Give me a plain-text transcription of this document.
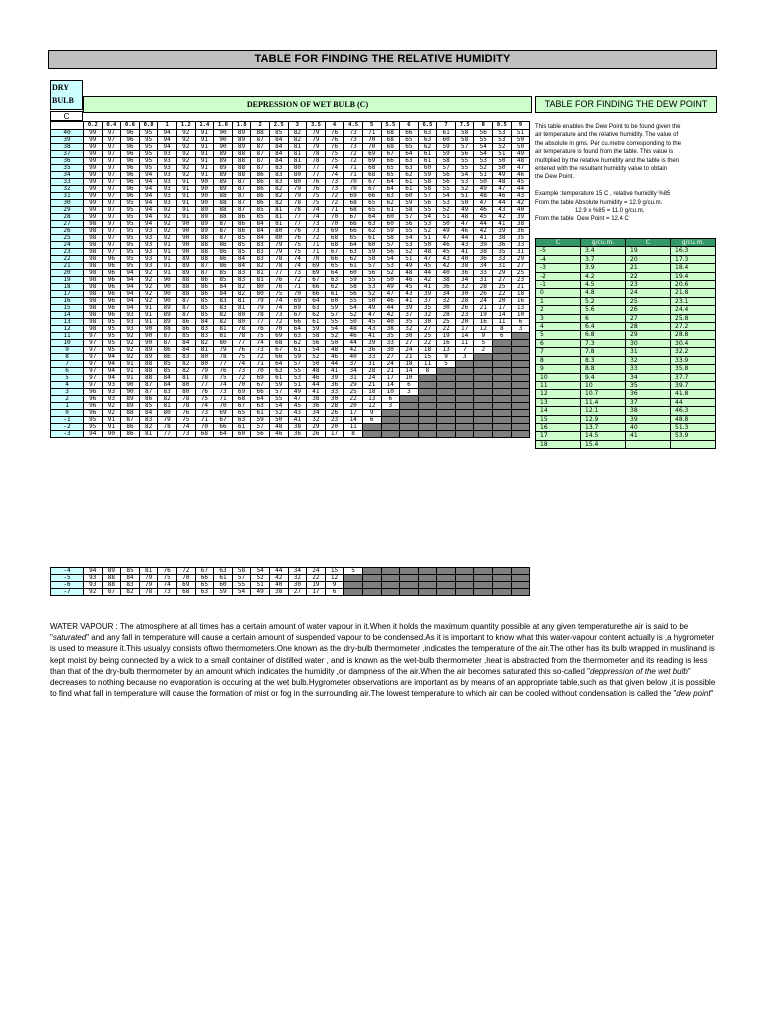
TABLE FOR FINDING THE RELATIVE HUMIDITY
DRY
BULB	DEPRESSION OF WET BULB (C)	TABLE FOR FINDING THE DEW POINT
C
	0.2	0.4	0.6	0.8	1	1.2	1.4	1.6	1.8	2	2.5	3	3.5	4	4.5	5	5.5	6	6.5	7	7.5	8	8.5	9
40	99	97	96	95	94	92	91	90	89	88	85	82	79	76	73	71	68	66	63	61	58	56	53	51
39	99	97	96	95	94	92	91	90	89	87	84	82	79	76	73	70	68	65	63	60	58	55	53	50
38	99	97	96	95	94	92	91	90	89	87	84	81	79	76	73	70	68	65	62	59	57	54	52	50
37	99	97	96	95	93	92	91	89	88	87	84	81	78	75	72	69	67	64	61	59	56	54	51	49
36	99	97	96	95	93	92	91	89	88	87	84	81	78	75	72	69	66	63	61	58	55	53	50	48
35	99	97	96	95	93	92	91	89	88	87	83	80	77	74	71	68	65	63	60	57	55	52	50	47
34	99	97	96	94	93	92	91	89	88	86	83	80	77	74	71	68	65	62	59	56	54	51	49	46
33	99	97	96	94	93	91	90	89	87	86	83	80	76	73	70	67	64	61	58	56	53	50	48	45
32	99	97	96	94	93	91	90	89	87	86	82	79	76	73	70	67	64	61	58	55	52	49	47	44
31	99	97	96	94	93	91	90	88	87	86	82	79	75	72	69	66	63	60	57	54	51	48	46	43
30	99	97	95	94	93	91	90	88	87	86	82	78	75	72	68	65	62	59	56	53	50	47	44	42
29	99	97	95	94	92	91	89	88	87	85	81	78	74	71	68	65	61	58	55	52	49	46	43	40
28	99	97	95	94	92	91	89	88	86	85	81	77	74	70	67	64	60	57	54	51	48	45	42	39
27	98	97	95	94	92	90	89	87	86	84	81	77	73	70	66	63	60	56	53	50	47	44	41	38
26	98	97	95	93	92	90	89	87	86	84	80	76	73	69	66	62	59	55	52	49	46	42	39	36
25	98	97	95	93	92	90	88	87	85	84	80	76	72	68	65	61	58	54	51	47	44	41	38	35
24	98	97	95	93	91	90	88	86	85	83	79	75	71	68	64	60	57	53	50	46	43	39	36	33
23	98	97	95	93	91	90	88	86	85	83	79	75	71	67	63	59	56	52	48	45	41	38	35	31
22	98	96	95	93	91	89	88	86	84	83	78	74	70	66	62	58	54	51	47	43	40	36	33	29
21	98	96	95	93	91	89	87	86	84	82	78	74	69	65	61	57	53	49	45	42	38	34	31	27
20	98	96	94	92	91	89	87	85	83	81	77	73	69	64	60	56	52	48	44	40	36	33	29	25
19	98	96	94	92	90	88	86	85	83	81	76	72	67	63	59	55	50	46	42	38	34	31	27	23
18	98	96	94	92	90	88	86	84	82	80	76	71	66	62	58	53	49	45	41	36	32	28	25	21
17	98	96	94	92	90	88	86	84	82	80	75	70	66	61	56	52	47	43	39	34	30	26	22	18
16	98	96	94	92	90	87	85	83	81	79	74	69	64	60	55	50	46	41	37	32	28	24	20	16
15	98	96	94	91	89	87	85	83	81	79	74	69	63	59	54	49	44	39	35	30	26	21	17	13
14	98	96	93	91	89	87	85	82	80	78	73	67	62	57	52	47	42	37	32	28	23	19	14	10
13	98	95	93	91	89	86	84	82	80	77	72	66	61	55	50	45	40	35	30	25	20	16	11	6
12	98	95	93	90	88	86	83	81	78	76	70	64	59	54	48	43	38	32	27	22	17	12	8	3
11	97	95	92	90	87	85	83	81	78	75	69	63	58	52	46	41	35	30	25	19	14	9	6	
10	97	95	92	90	87	84	82	80	77	74	68	62	56	50	44	39	33	27	22	16	11	5		
9	97	95	92	89	86	84	81	79	76	73	67	61	54	48	42	36	30	24	18	13	7	2		
8	97	94	92	89	86	83	80	78	75	72	66	59	52	46	40	33	27	21	15	9	3			
7	97	94	91	88	85	82	80	77	74	71	64	57	50	44	37	31	24	18	11	5				
6	97	94	91	88	85	82	79	76	73	70	63	55	48	41	34	28	21	14	8					
5	97	94	91	88	84	81	78	75	72	69	61	53	46	39	31	24	17	10						
4	97	93	90	87	84	80	77	74	70	67	59	51	44	36	29	21	14	6						
3	96	93	90	87	83	80	76	73	69	66	57	49	41	33	25	18	10	3						
2	96	93	89	86	82	78	75	71	68	64	55	47	38	30	22	13	6							
1	96	92	89	85	81	78	74	70	67	63	54	45	36	28	20	12	3							
0	96	92	88	84	80	76	73	69	65	61	52	43	34	26	17	9								
-1	95	91	87	83	79	75	71	67	63	59	50	41	32	23	14	6								
-2	95	91	86	82	78	74	70	66	61	57	48	38	29	20	11									
-3	94	90	86	81	77	73	68	64	60	56	46	36	26	17	8									
-4	94	89	85	81	76	72	67	63	58	54	44	34	24	15	5									
-5	93	88	84	79	75	70	66	61	57	52	42	32	22	12										
-6	93	88	83	79	74	69	65	60	55	51	40	30	19	9										
-7	92	87	82	78	73	68	63	59	54	49	38	27	17	6										

This table enables the Dew Point to be found given the

air temperature and the relative humidity. The value of

the absolute in gms. Per cu.metre corresponding to the

air temperature is found from the table. This value is

multiplied by the relative humidity and the table is then

entered with the resultant humidity value to obtain

the Dew Point.

Example :temperature 15 C , relative humidity %85

From the table Absolute humidity = 12.9 g/cu.m.

12.9 x %85 = 11.0 g/cu.m.

From the table  Dew Point = 12.4 C

C	g/cu.m.	C	g/cu.m.
-5	3.4	19	16.3
-4	3.7	20	17.3
-3	3.9	21	18.4
-2	4.2	22	19.4
-1	4.5	23	20.6
0	4.8	24	21.8
1	5.2	25	23.1
2	5.6	26	24.4
3	6	27	25.8
4	6.4	28	27.2
5	6.8	29	28.8
6	7.3	30	30.4
7	7.8	31	32.2
8	8.3	32	33.9
9	8.8	33	35.8
10	9.4	34	37.7
11	10	35	39.7
12	10.7	36	41.8
13	11.4	37	44
14	12.1	38	46.3
15	12.9	39	48.8
16	13.7	40	51.3
17	14.5	41	53.9
18	15.4		

WATER VAPOUR : The atmosphere at all times has a certain amount of water vapour in it.When it holds the maximum quantity possible at any given temperaturethe air is said to be "saturated" and any fall in temperature will cause a certain amount of suspended vapour to be condensed.As it is important to know what this water-vapour content actually is ,a hygrometer is used to measure it.This usualyy consists oftwo thermometers.One known as the dry-bulb thermometer ,indicates the temperature of the air.The other has its bulb wrapped in muslinand is kept moist by being connected by a wick to a small container of distilled water , and is known as the wet-bulb thermometer ,heat is abstracted from the thermometer and its reading is less than that of the dry-bulb thermometer by an amount which indicates the humidity ,or dampness of the air.When the air becomes saturated this so-called "deppression of the wet bulb" decreases to nothing because no evaporation is occuring at the wet bulb.Hygrometer observations are important as by means of an appropriate table,such as that given below ,it is possible to find what fall in temperature will cause the formation of mist or fog in the surrounding air.The lowest temperature to which air can be cooled without condensation is called the "dew point"
